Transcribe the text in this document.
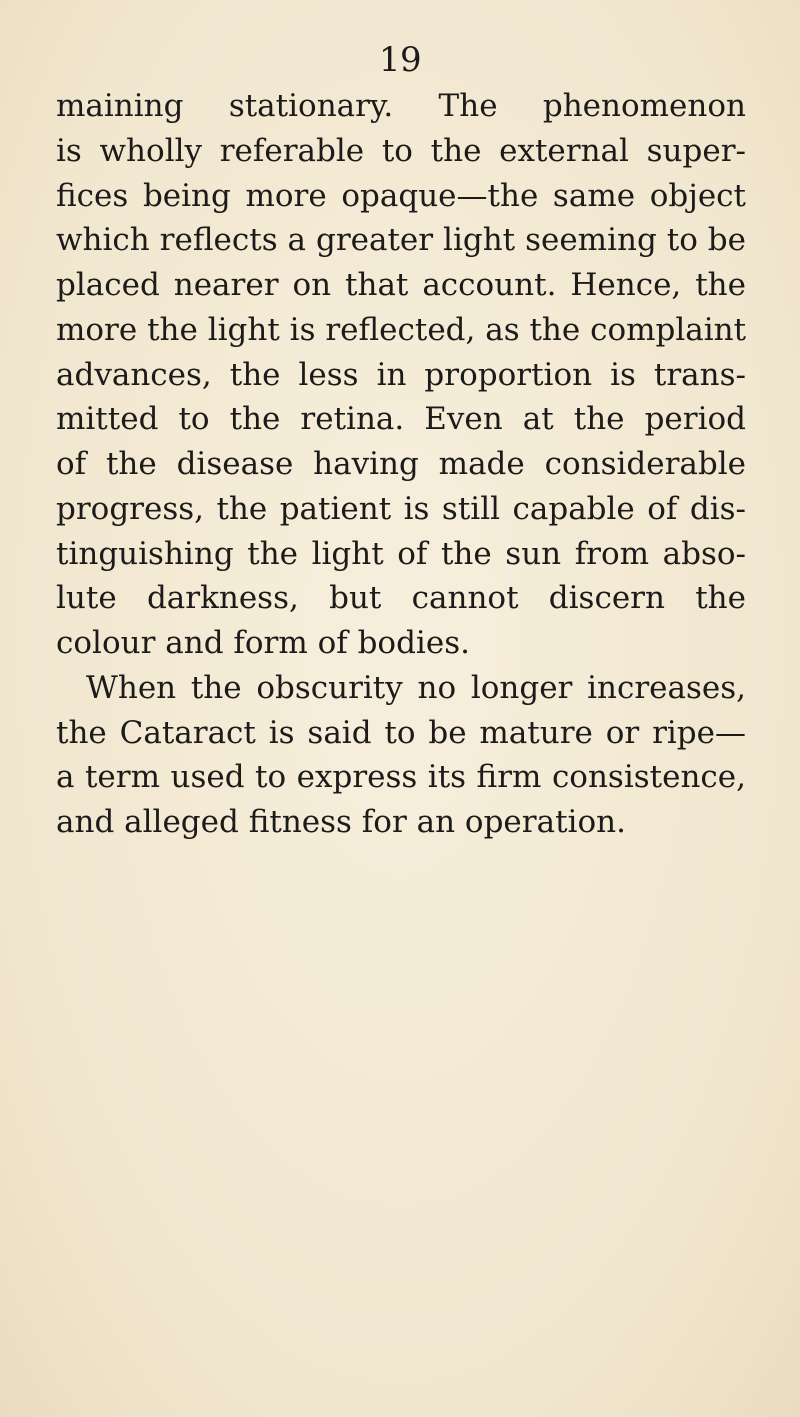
19
maining stationary. The phenomenon
is wholly referable to the external super-
fices being more opaque—the same object
which reflects a greater light seeming to be
placed nearer on that account. Hence, the
more the light is reflected, as the complaint
advances, the less in proportion is trans-
mitted to the retina. Even at the period
of the disease having made considerable
progress, the patient is still capable of dis-
tinguishing the light of the sun from abso-
lute darkness, but cannot discern the
colour and form of bodies.
When the obscurity no longer increases,
the Cataract is said to be mature or ripe—
a term used to express its firm consistence,
and alleged fitness for an operation.
